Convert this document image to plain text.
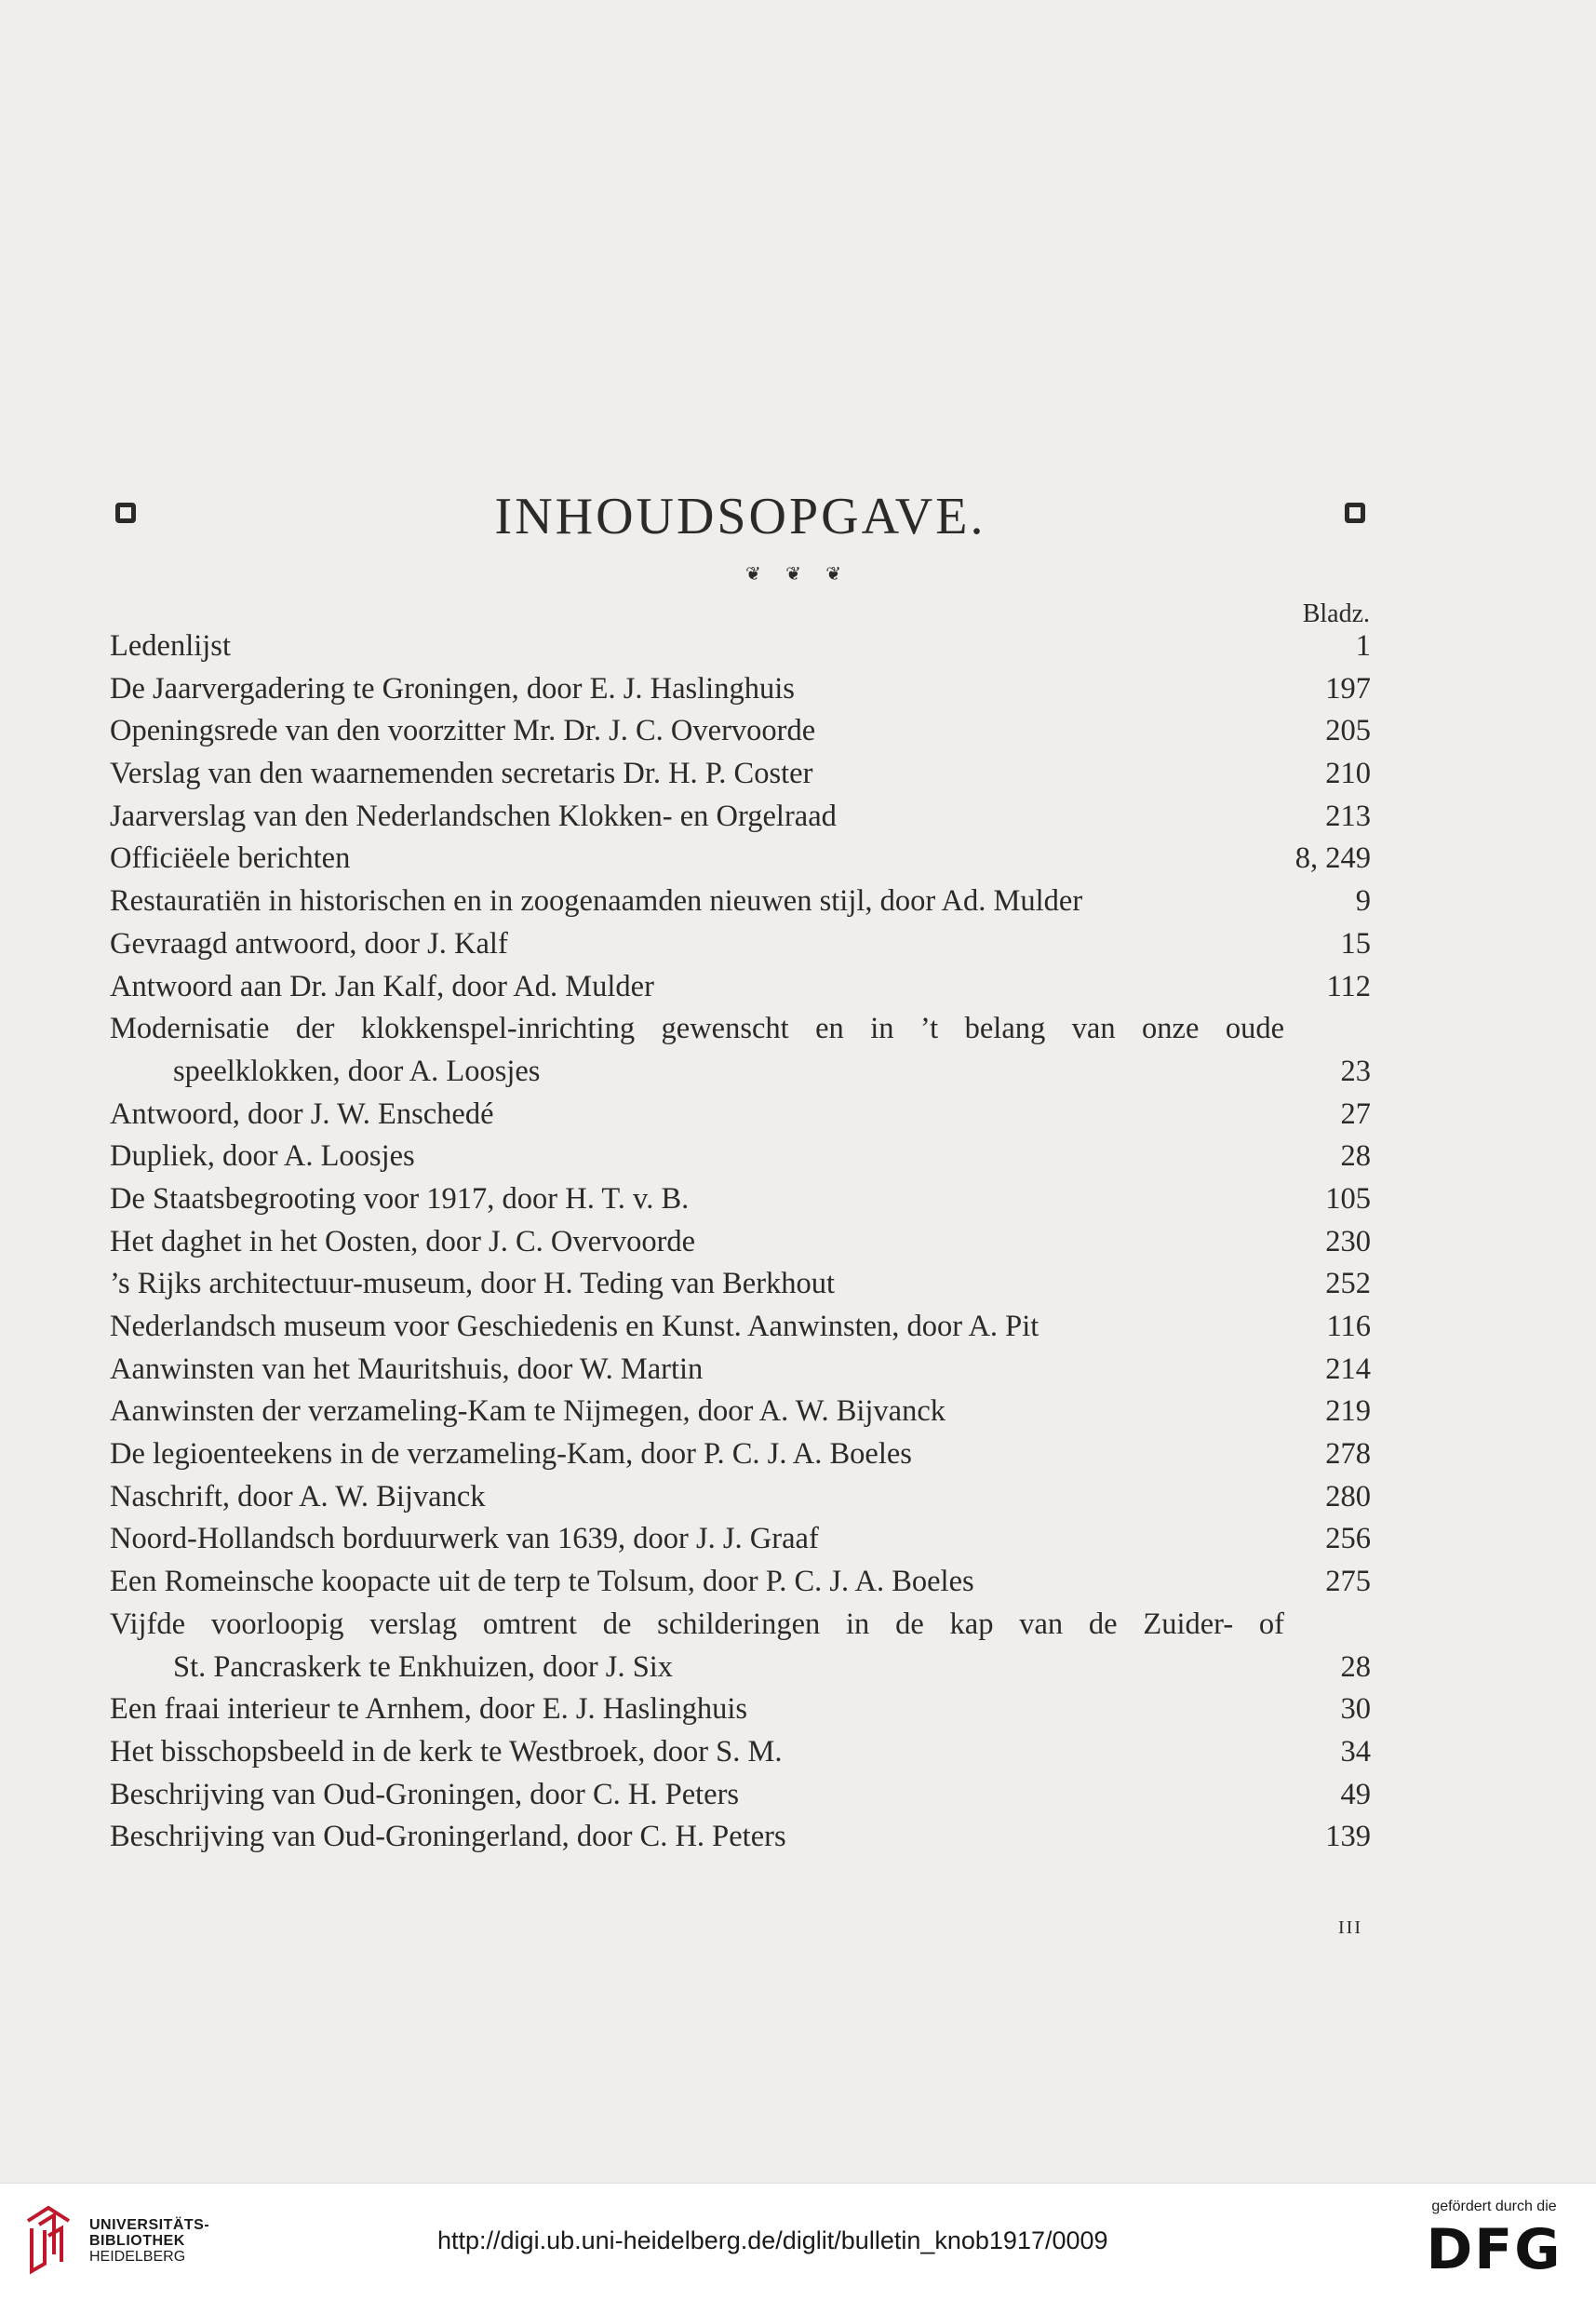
INHOUDSOPGAVE.
❦ ❦ ❦
Bladz.
Ledenlijst	1
De Jaarvergadering te Groningen, door E. J. Haslinghuis	197
Openingsrede van den voorzitter Mr. Dr. J. C. Overvoorde	205
Verslag van den waarnemenden secretaris Dr. H. P. Coster	210
Jaarverslag van den Nederlandschen Klokken- en Orgelraad	213
Officiëele berichten	8, 249
Restauratiën in historischen en in zoogenaamden nieuwen stijl, door Ad. Mulder	9
Gevraagd antwoord, door J. Kalf	15
Antwoord aan Dr. Jan Kalf, door Ad. Mulder	112
Modernisatie der klokkenspel-inrichting gewenscht en in ’t belang van onze oude
speelklokken, door A. Loosjes	23
Antwoord, door J. W. Enschedé	27
Dupliek, door A. Loosjes	28
De Staatsbegrooting voor 1917, door H. T. v. B.	105
Het daghet in het Oosten, door J. C. Overvoorde	230
’s Rijks architectuur-museum, door H. Teding van Berkhout	252
Nederlandsch museum voor Geschiedenis en Kunst. Aanwinsten, door A. Pit	116
Aanwinsten van het Mauritshuis, door W. Martin	214
Aanwinsten der verzameling-Kam te Nijmegen, door A. W. Bijvanck	219
De legioenteekens in de verzameling-Kam, door P. C. J. A. Boeles	278
Naschrift, door A. W. Bijvanck	280
Noord-Hollandsch borduurwerk van 1639, door J. J. Graaf	256
Een Romeinsche koopacte uit de terp te Tolsum, door P. C. J. A. Boeles	275
Vijfde voorloopig verslag omtrent de schilderingen in de kap van de Zuider- of
St. Pancraskerk te Enkhuizen, door J. Six	28
Een fraai interieur te Arnhem, door E. J. Haslinghuis	30
Het bisschopsbeeld in de kerk te Westbroek, door S. M.	34
Beschrijving van Oud-Groningen, door C. H. Peters	49
Beschrijving van Oud-Groningerland, door C. H. Peters	139
III
UNIVERSITÄTS-
BIBLIOTHEK
HEIDELBERG
http://digi.ub.uni-heidelberg.de/diglit/bulletin_knob1917/0009
gefördert durch die
DFG
